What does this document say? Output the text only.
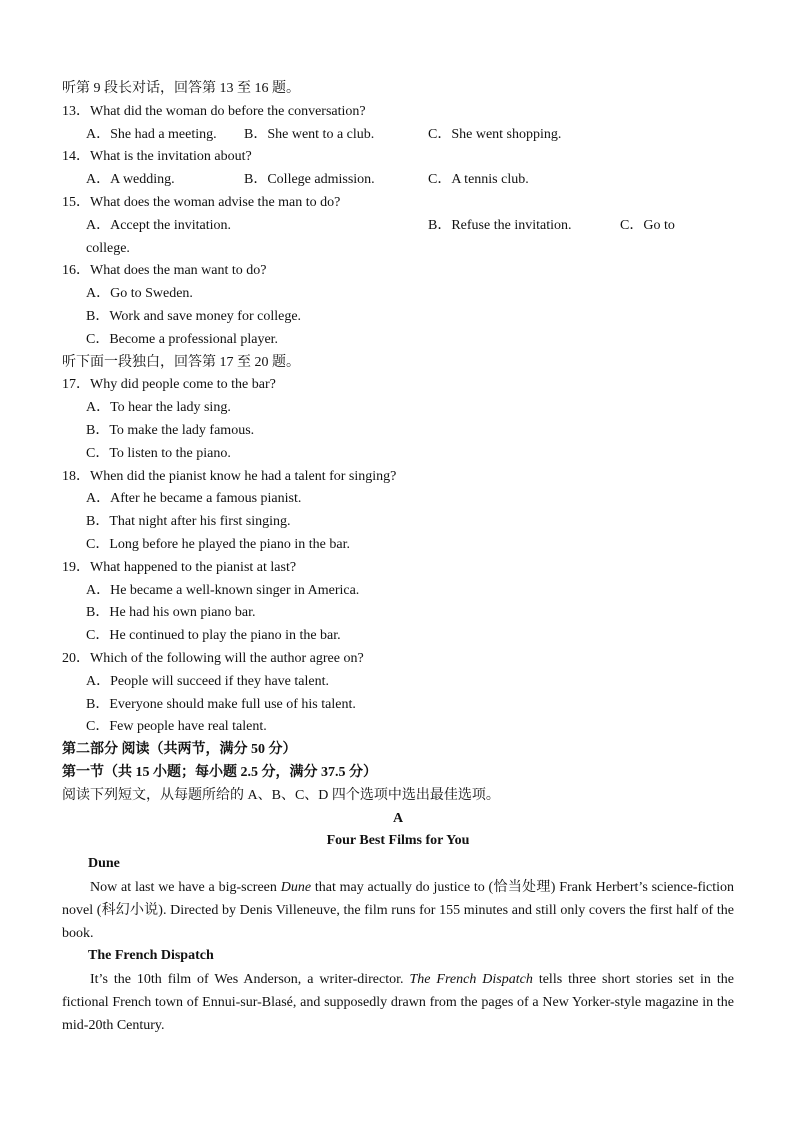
听第 9 段长对话，回答第 13 至 16 题。
13．What did the woman do before the conversation?
A．She had a meeting.	B．She went to a club.	C．She went shopping.
14．What is the invitation about?
A．A wedding.	B．College admission.	C．A tennis club.
15．What does the woman advise the man to do?
A．Accept the invitation.	B．Refuse the invitation.	C．Go to
college.
16．What does the man want to do?
A．Go to Sweden.
B．Work and save money for college.
C．Become a professional player.
听下面一段独白，回答第 17 至 20 题。
17．Why did people come to the bar?
A．To hear the lady sing.
B．To make the lady famous.
C．To listen to the piano.
18．When did the pianist know he had a talent for singing?
A．After he became a famous pianist.
B．That night after his first singing.
C．Long before he played the piano in the bar.
19．What happened to the pianist at last?
A．He became a well-known singer in America.
B．He had his own piano bar.
C．He continued to play the piano in the bar.
20．Which of the following will the author agree on?
A．People will succeed if they have talent.
B．Everyone should make full use of his talent.
C．Few people have real talent.
第二部分 阅读（共两节，满分 50 分）
第一节（共 15 小题；每小题 2.5 分，满分 37.5 分）
阅读下列短文，从每题所给的 A、B、C、D 四个选项中选出最佳选项。
A
Four Best Films for You
Dune

Now at last we have a big-screen Dune that may actually do justice to (恰当处理) Frank Herbert’s science-fiction novel (科幻小说). Directed by Denis Villeneuve, the film runs for 155 minutes and still only covers the first half of the book.

The French Dispatch

It’s the 10th film of Wes Anderson, a writer-director. The French Dispatch tells three short stories set in the fictional French town of Ennui-sur-Blasé, and supposedly drawn from the pages of a New Yorker-style magazine in the mid-20th Century.
